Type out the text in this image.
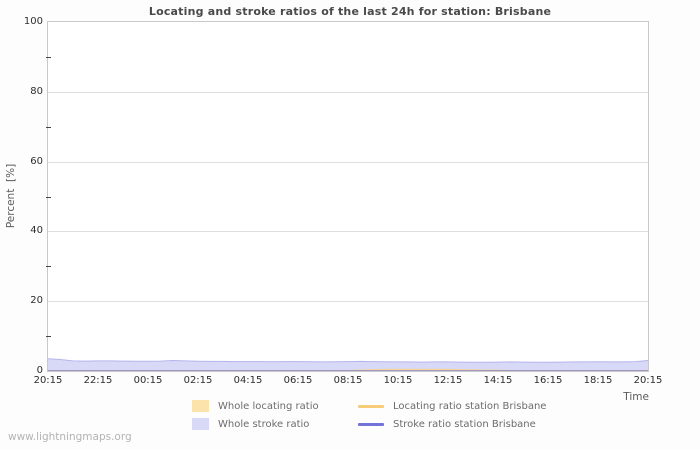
Locating and stroke ratios of the last 24h for station: Brisbane
Percent  [%]
0
20
40
60
80
100
20:15 22:15 00:15 02:15 04:15 06:15 08:15 10:15 12:15 14:15 16:15 18:15 20:15
Time
Whole locating ratio	Locating ratio station Brisbane
Whole stroke ratio	Stroke ratio station Brisbane
www.lightningmaps.org
